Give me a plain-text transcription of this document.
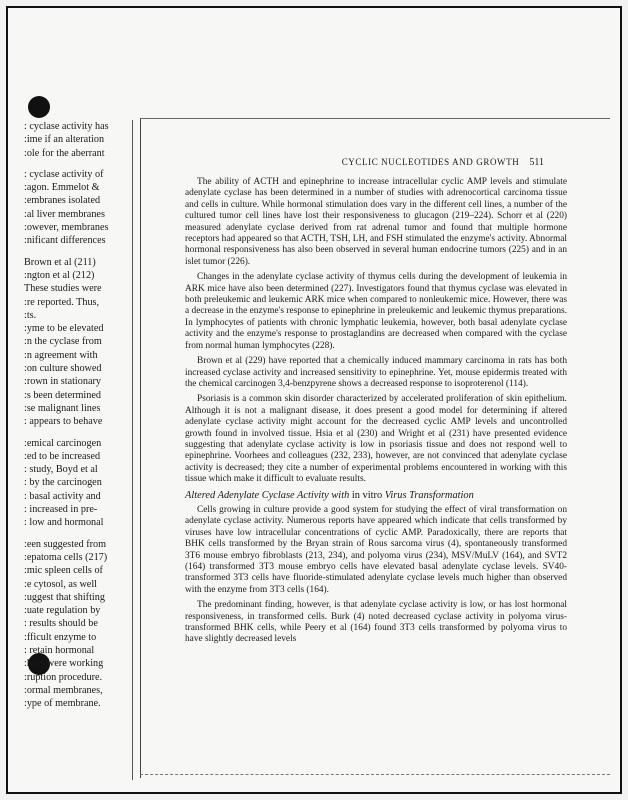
: cyclase activity has
:ime if an alteration
:ole for the aberrant
: cyclase activity of
:agon. Emmelot &
:embranes isolated
:al liver membranes
:owever, membranes
:nificant differences
Brown et al (211)
:ngton et al (212)
These studies were
:re reported. Thus,
:ts.
:yme to be elevated
:n the cyclase from
:n agreement with
:on culture showed
:rown in stationary
:s been determined
:se malignant lines
: appears to behave
:emical carcinogen
:ed to be increased
: study, Boyd et al
: by the carcinogen
: basal activity and
: increased in pre-
: low and hormonal
:een suggested from
:epatoma cells (217)
:mic spleen cells of
:e cytosol, as well
:uggest that shifting
:uate regulation by
: results should be
:fficult enzyme to
: retain hormonal
:hors were working
:ruption procedure.
:ormal membranes,
:ype of membrane.
CYCLIC NUCLEOTIDES AND GROWTH 511

The ability of ACTH and epinephrine to increase intracellular cyclic AMP levels and stimulate adenylate cyclase has been determined in a number of studies with adrenocortical carcinoma tissue and cells in culture. While hormonal stimulation does vary in the different cell lines, a number of the cultured tumor cell lines have lost their responsiveness to glucagon (219–224). Schorr et al (220) measured adenylate cyclase derived from rat adrenal tumor and found that multiple hormone receptors had appeared so that ACTH, TSH, LH, and FSH stimulated the enzyme's activity. Abnormal hormonal responsiveness has also been observed in several human endocrine tumors (225) and in an islet tumor (226).

Changes in the adenylate cyclase activity of thymus cells during the development of leukemia in ARK mice have also been determined (227). Investigators found that thymus cyclase was elevated in both preleukemic and leukemic ARK mice when compared to nonleukemic mice. However, there was a decrease in the enzyme's response to epinephrine in preleukemic and leukemic thymus preparations. In lymphocytes of patients with chronic lymphatic leukemia, however, both basal adenylate cyclase activity and the enzyme's response to prostaglandins are decreased when compared with the cyclase from normal human lymphocytes (228).

Brown et al (229) have reported that a chemically induced mammary carcinoma in rats has both increased cyclase activity and increased sensitivity to epinephrine. Yet, mouse epidermis treated with the chemical carcinogen 3,4-benzpyrene shows a decreased response to isoproterenol (114).

Psoriasis is a common skin disorder characterized by accelerated proliferation of skin epithelium. Although it is not a malignant disease, it does present a good model for determining if altered adenylate cyclase activity might account for the decreased cyclic AMP levels and uncontrolled growth found in involved tissue. Hsia et al (230) and Wright et al (231) have presented evidence suggesting that adenylate cyclase activity is low in psoriasis tissue and does not respond well to epinephrine. Voorhees and colleagues (232, 233), however, are not convinced that adenylate cyclase activity is decreased; they cite a number of experimental problems encountered in working with this tissue which make it difficult to evaluate results.

Altered Adenylate Cyclase Activity with in vitro Virus Transformation

Cells growing in culture provide a good system for studying the effect of viral transformation on adenylate cyclase activity. Numerous reports have appeared which indicate that cells transformed by viruses have low intracellular concentrations of cyclic AMP. Paradoxically, there are reports that BHK cells transformed by the Bryan strain of Rous sarcoma virus (4), spontaneously transformed 3T6 mouse embryo fibroblasts (213, 234), and polyoma virus (234), MSV/MuLV (164), and SVT2 (164) transformed 3T3 mouse embryo cells have elevated basal adenylate cyclase levels. SV40-transformed 3T3 cells have fluoride-stimulated adenylate cyclase levels much higher than observed with the enzyme from 3T3 cells (164).

The predominant finding, however, is that adenylate cyclase activity is low, or has lost hormonal responsiveness, in transformed cells. Burk (4) noted decreased cyclase activity in polyoma virus-transformed BHK cells, while Peery et al (164) found 3T3 cells transformed by polyoma virus to have slightly decreased levels
